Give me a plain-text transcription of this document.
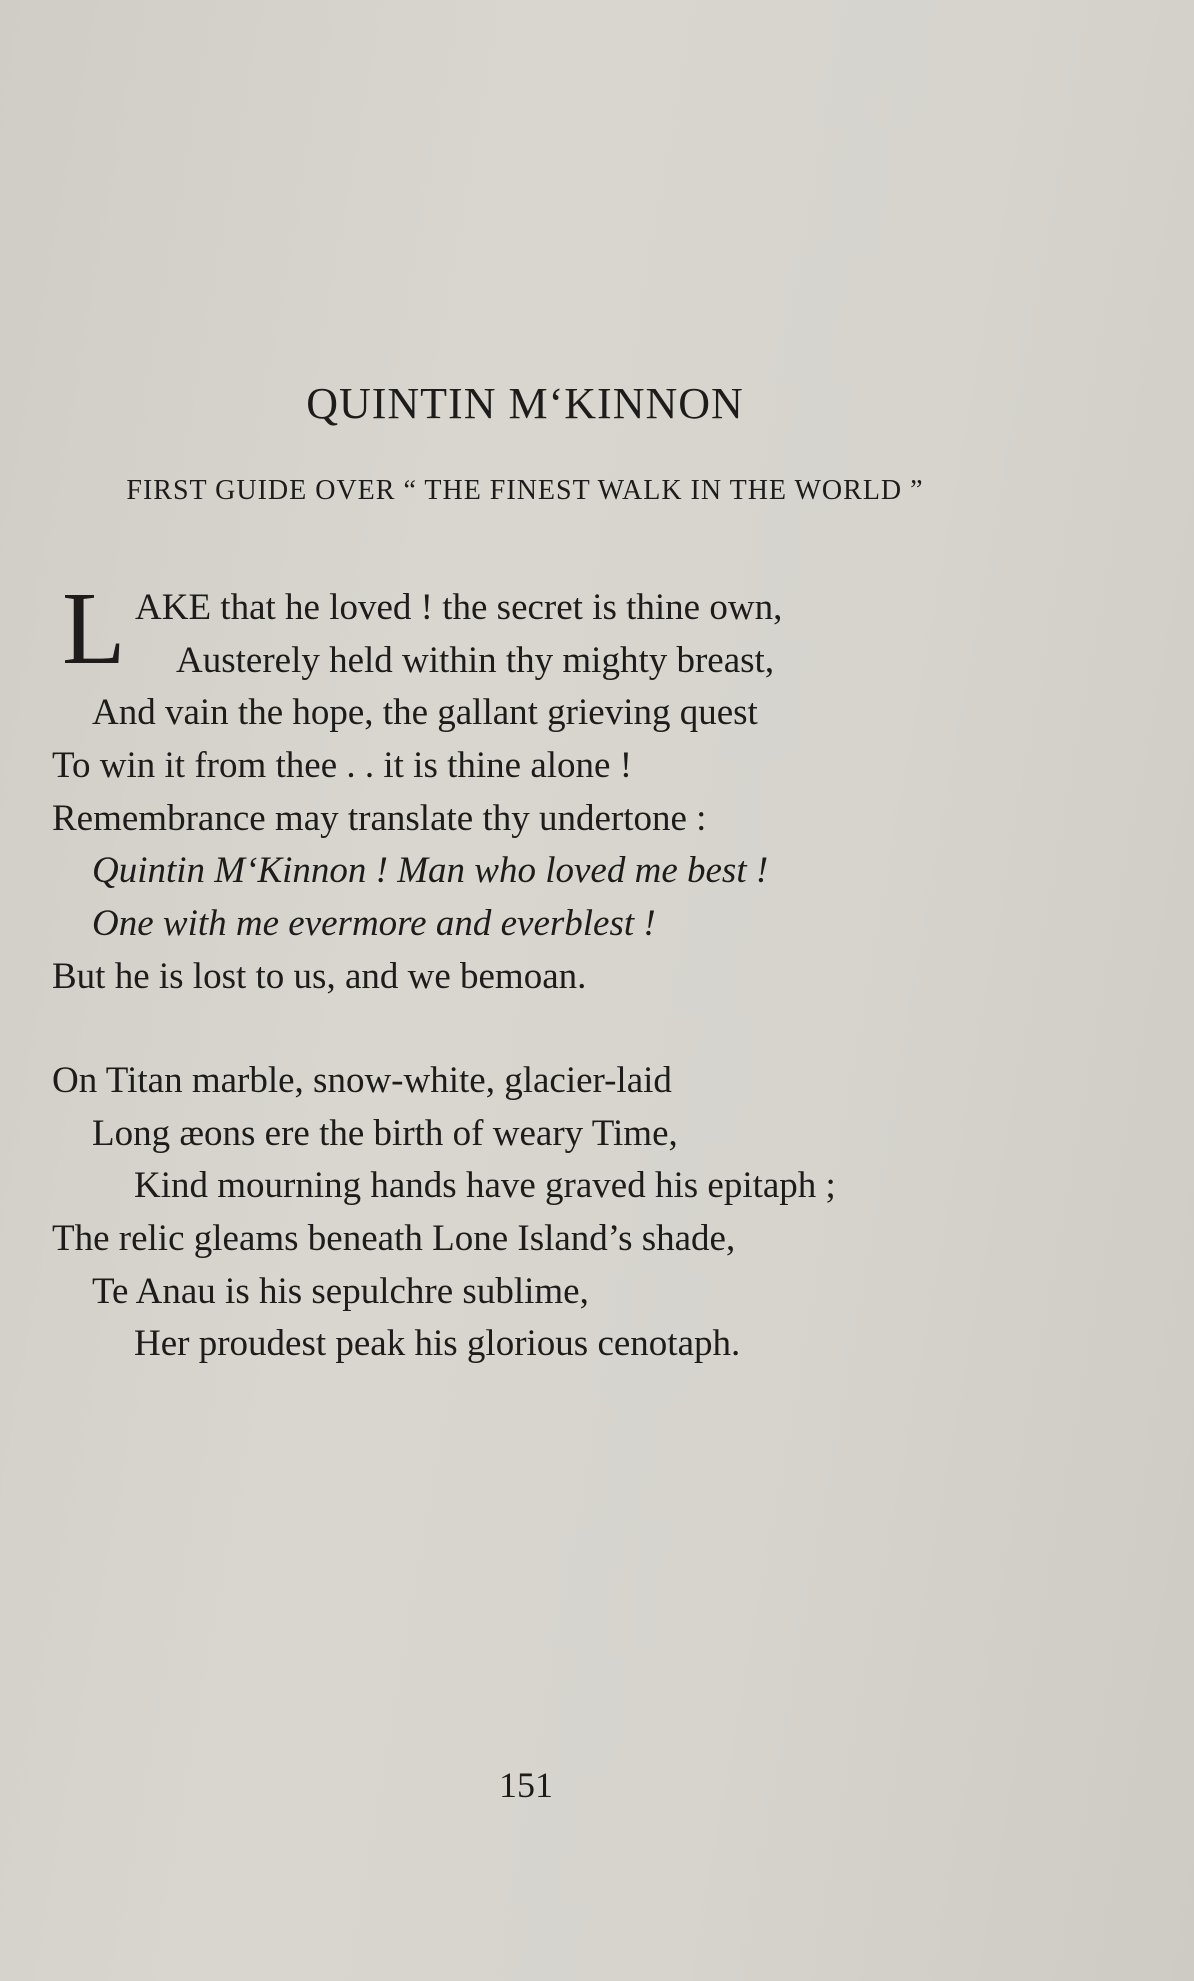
QUINTIN M‘KINNON
FIRST GUIDE OVER “ THE FINEST WALK IN THE WORLD ”
L AKE that he loved ! the secret is thine own,
Austerely held within thy mighty breast,
And vain the hope, the gallant grieving quest
To win it from thee . . it is thine alone !
Remembrance may translate thy undertone :
Quintin M‘Kinnon ! Man who loved me best !
One with me evermore and everblest !
But he is lost to us, and we bemoan.
On Titan marble, snow-white, glacier-laid
Long æons ere the birth of weary Time,
Kind mourning hands have graved his epitaph ;
The relic gleams beneath Lone Island’s shade,
Te Anau is his sepulchre sublime,
Her proudest peak his glorious cenotaph.

151
